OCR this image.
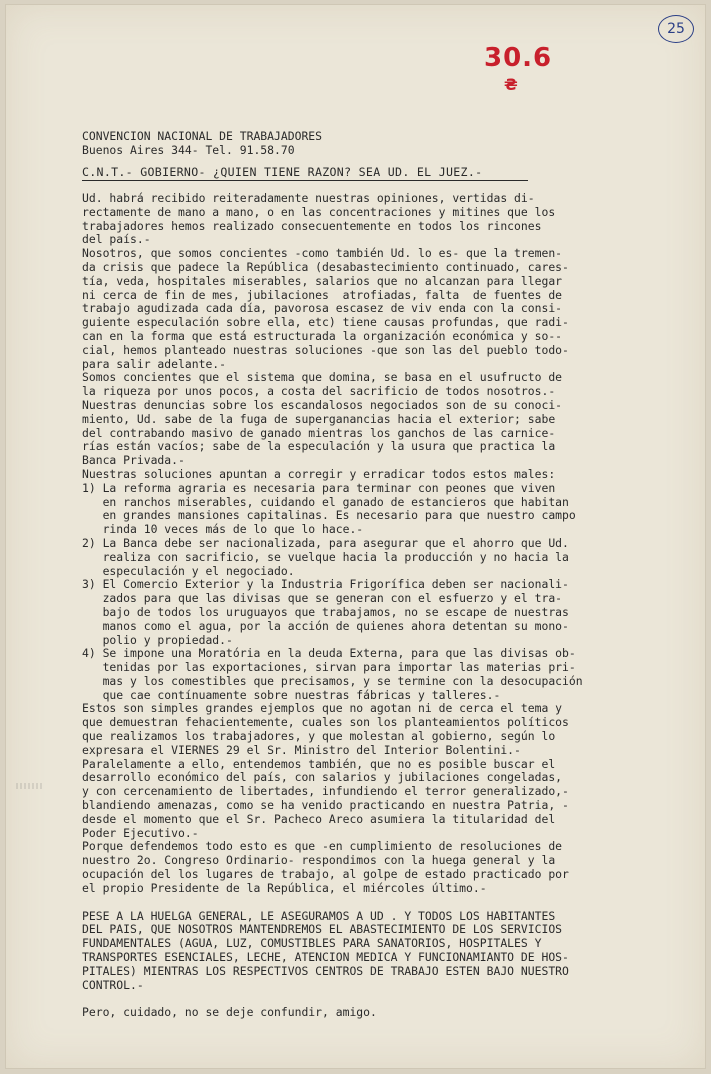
25
30.6
₴
CONVENCION NACIONAL DE TRABAJADORES
Buenos Aires 344- Tel. 91.58.70
C.N.T.- GOBIERNO- ¿QUIEN TIENE RAZON? SEA UD. EL JUEZ.-
Ud. habrá recibido reiteradamente nuestras opiniones, vertidas di-
rectamente de mano a mano, o en las concentraciones y mitines que los
trabajadores hemos realizado consecuentemente en todos los rincones
del país.-
Nosotros, que somos concientes -como también Ud. lo es- que la tremen-
da crisis que padece la República (desabastecimiento continuado, cares-
tía, veda, hospitales miserables, salarios que no alcanzan para llegar
ni cerca de fin de mes, jubilaciones  atrofiadas, falta  de fuentes de
trabajo agudizada cada día, pavorosa escasez de viv enda con la consi-
guiente especulación sobre ella, etc) tiene causas profundas, que radi-
can en la forma que está estructurada la organización económica y so--
cial, hemos planteado nuestras soluciones -que son las del pueblo todo-
para salir adelante.-
Somos concientes que el sistema que domina, se basa en el usufructo de
la riqueza por unos pocos, a costa del sacrificio de todos nosotros.-
Nuestras denuncias sobre los escandalosos negociados son de su conoci-
miento, Ud. sabe de la fuga de superganancias hacia el exterior; sabe
del contrabando masivo de ganado mientras los ganchos de las carnice-
rías están vacíos; sabe de la especulación y la usura que practica la
Banca Privada.-
Nuestras soluciones apuntan a corregir y erradicar todos estos males:
1) La reforma agraria es necesaria para terminar con peones que viven
en ranchos miserables, cuidando el ganado de estancieros que habitan
en grandes mansiones capitalinas. Es necesario para que nuestro campo
rinda 10 veces más de lo que lo hace.-
2) La Banca debe ser nacionalizada, para asegurar que el ahorro que Ud.
realiza con sacrificio, se vuelque hacia la producción y no hacia la
especulación y el negociado.
3) El Comercio Exterior y la Industria Frigorífica deben ser nacionali-
zados para que las divisas que se generan con el esfuerzo y el tra-
bajo de todos los uruguayos que trabajamos, no se escape de nuestras
manos como el agua, por la acción de quienes ahora detentan su mono-
polio y propiedad.-
4) Se impone una Moratória en la deuda Externa, para que las divisas ob-
tenidas por las exportaciones, sirvan para importar las materias pri-
mas y los comestibles que precisamos, y se termine con la desocupación
que cae contínuamente sobre nuestras fábricas y talleres.-
Estos son simples grandes ejemplos que no agotan ni de cerca el tema y
que demuestran fehacientemente, cuales son los planteamientos políticos
que realizamos los trabajadores, y que molestan al gobierno, según lo
expresara el VIERNES 29 el Sr. Ministro del Interior Bolentini.-
Paralelamente a ello, entendemos también, que no es posible buscar el
desarrollo económico del país, con salarios y jubilaciones congeladas,
y con cercenamiento de libertades, infundiendo el terror generalizado,-
blandiendo amenazas, como se ha venido practicando en nuestra Patria, -
desde el momento que el Sr. Pacheco Areco asumiera la titularidad del
Poder Ejecutivo.-
Porque defendemos todo esto es que -en cumplimiento de resoluciones de
nuestro 2o. Congreso Ordinario- respondimos con la huega general y la
ocupación del los lugares de trabajo, al golpe de estado practicado por
el propio Presidente de la República, el miércoles último.-
PESE A LA HUELGA GENERAL, LE ASEGURAMOS A UD . Y TODOS LOS HABITANTES
DEL PAIS, QUE NOSOTROS MANTENDREMOS EL ABASTECIMIENTO DE LOS SERVICIOS
FUNDAMENTALES (AGUA, LUZ, COMUSTIBLES PARA SANATORIOS, HOSPITALES Y
TRANSPORTES ESENCIALES, LECHE, ATENCION MEDICA Y FUNCIONAMIANTO DE HOS-
PITALES) MIENTRAS LOS RESPECTIVOS CENTROS DE TRABAJO ESTEN BAJO NUESTRO
CONTROL.-
Pero, cuidado, no se deje confundir, amigo.
